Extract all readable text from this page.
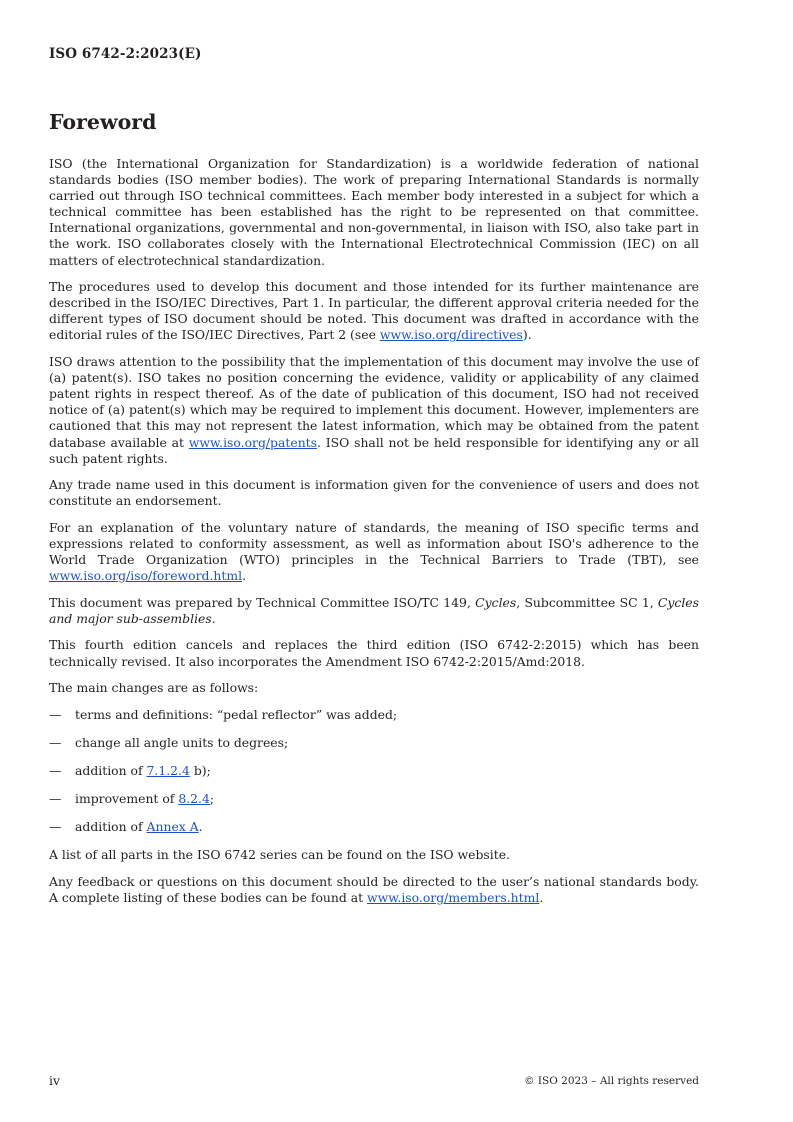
ISO 6742-2:2023(E)
Foreword

ISO (the International Organization for Standardization) is a worldwide federation of national standards bodies (ISO member bodies). The work of preparing International Standards is normally carried out through ISO technical committees. Each member body interested in a subject for which a technical committee has been established has the right to be represented on that committee. International organizations, governmental and non-governmental, in liaison with ISO, also take part in the work. ISO collaborates closely with the International Electrotechnical Commission (IEC) on all matters of electrotechnical standardization.

The procedures used to develop this document and those intended for its further maintenance are described in the ISO/IEC Directives, Part 1. In particular, the different approval criteria needed for the different types of ISO document should be noted. This document was drafted in accordance with the editorial rules of the ISO/IEC Directives, Part 2 (see www.iso.org/directives).

ISO draws attention to the possibility that the implementation of this document may involve the use of (a) patent(s). ISO takes no position concerning the evidence, validity or applicability of any claimed patent rights in respect thereof. As of the date of publication of this document, ISO had not received notice of (a) patent(s) which may be required to implement this document. However, implementers are cautioned that this may not represent the latest information, which may be obtained from the patent database available at www.iso.org/patents. ISO shall not be held responsible for identifying any or all such patent rights.

Any trade name used in this document is information given for the convenience of users and does not constitute an endorsement.

For an explanation of the voluntary nature of standards, the meaning of ISO specific terms and expressions related to conformity assessment, as well as information about ISO's adherence to the World Trade Organization (WTO) principles in the Technical Barriers to Trade (TBT), see www.iso.org/iso/foreword.html.

This document was prepared by Technical Committee ISO/TC 149, Cycles, Subcommittee SC 1, Cycles and major sub-assemblies.

This fourth edition cancels and replaces the third edition (ISO 6742-2:2015) which has been technically revised. It also incorporates the Amendment ISO 6742-2:2015/Amd:2018.

The main changes are as follows:

— terms and definitions: “pedal reflector” was added;

— change all angle units to degrees;

— addition of 7.1.2.4 b);

— improvement of 8.2.4;

— addition of Annex A.

A list of all parts in the ISO 6742 series can be found on the ISO website.

Any feedback or questions on this document should be directed to the user’s national standards body. A complete listing of these bodies can be found at www.iso.org/members.html.

iv	© ISO 2023 – All rights reserved
